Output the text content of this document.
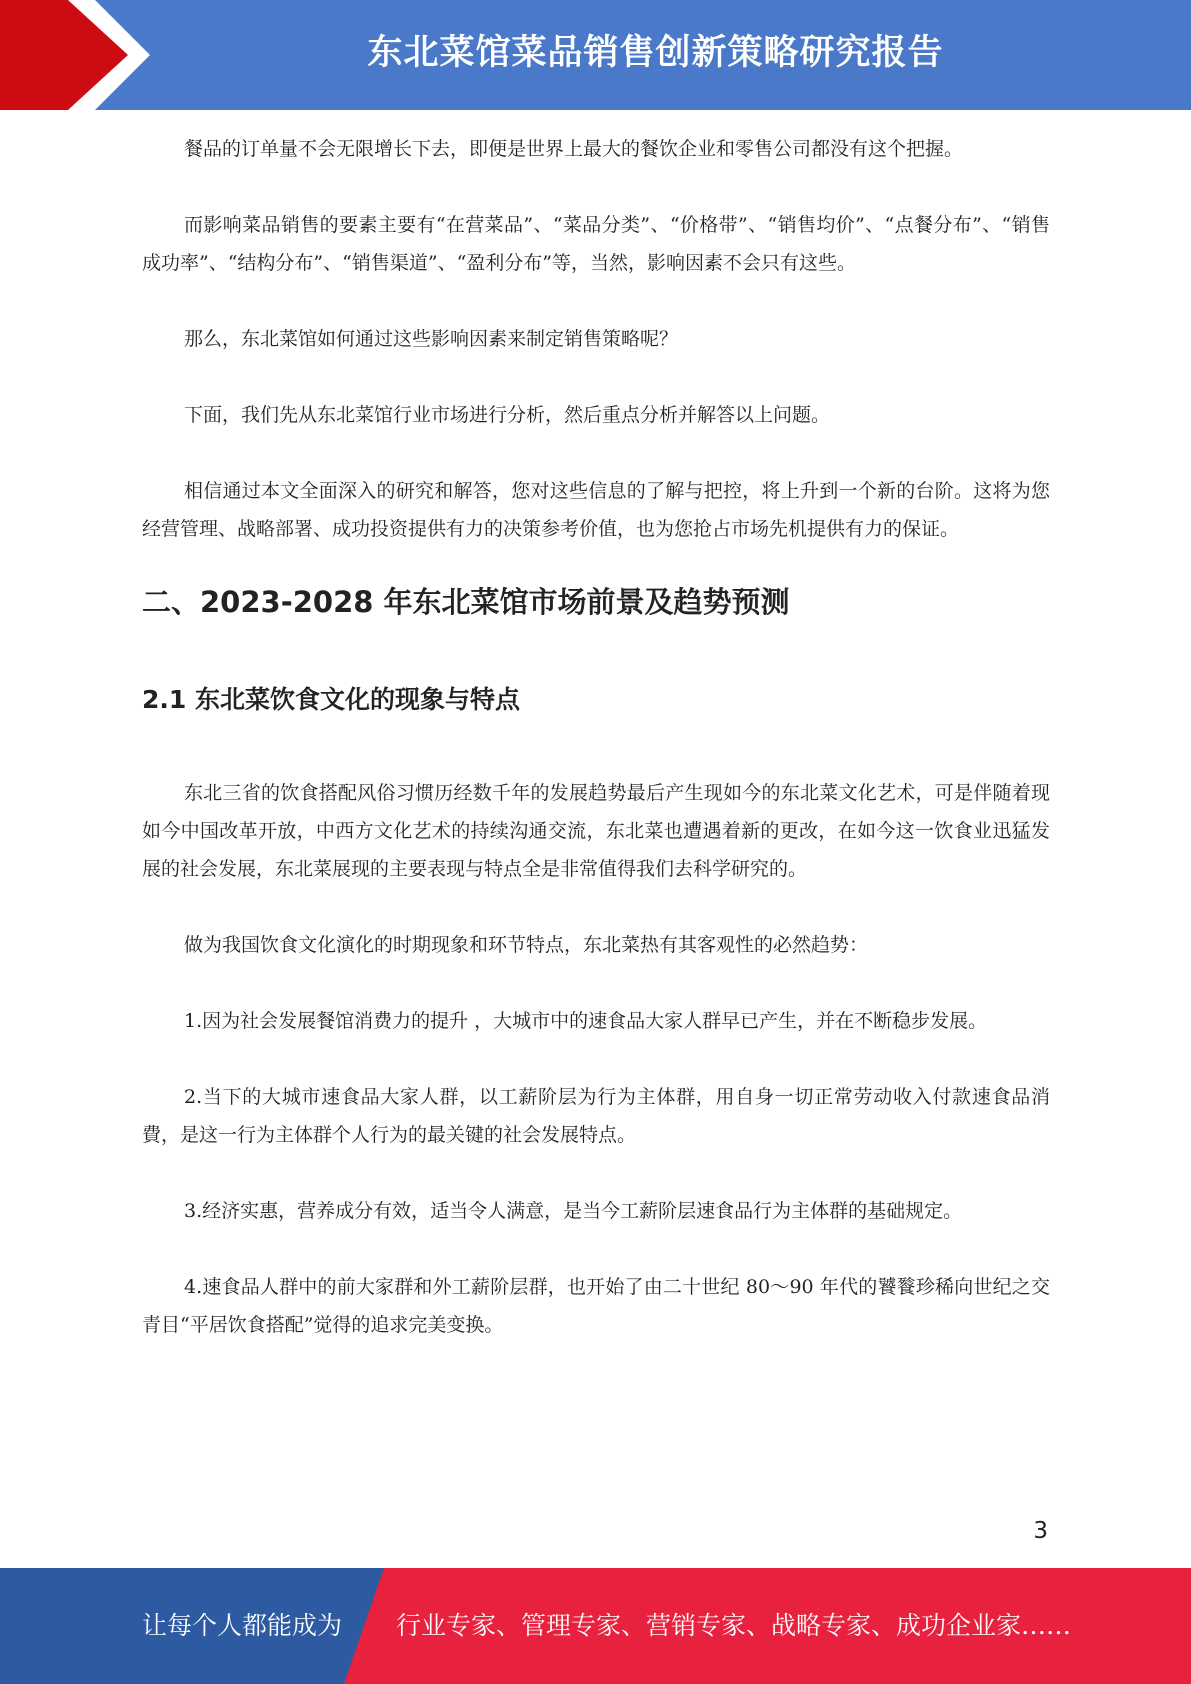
东北菜馆菜品销售创新策略研究报告

餐品的订单量不会无限增长下去，即便是世界上最大的餐饮企业和零售公司都没有这个把握。

而影响菜品销售的要素主要有“在营菜品”、“菜品分类”、“价格带”、“销售均价”、“点餐分布”、“销售成功率”、“结构分布”、“销售渠道”、“盈利分布”等，当然，影响因素不会只有这些。

那么，东北菜馆如何通过这些影响因素来制定销售策略呢？

下面，我们先从东北菜馆行业市场进行分析，然后重点分析并解答以上问题。

相信通过本文全面深入的研究和解答，您对这些信息的了解与把控，将上升到一个新的台阶。这将为您经营管理、战略部署、成功投资提供有力的决策参考价值，也为您抢占市场先机提供有力的保证。

二、2023-2028 年东北菜馆市场前景及趋势预测
2.1 东北菜饮食文化的现象与特点

东北三省的饮食搭配风俗习惯历经数千年的发展趋势最后产生现如今的东北菜文化艺术，可是伴随着现如今中国改革开放，中西方文化艺术的持续沟通交流，东北菜也遭遇着新的更改，在如今这一饮食业迅猛发展的社会发展，东北菜展现的主要表现与特点全是非常值得我们去科学研究的。

做为我国饮食文化演化的时期现象和环节特点，东北菜热有其客观性的必然趋势：

1.因为社会发展餐馆消费力的提升 ，大城市中的速食品大家人群早已产生，并在不断稳步发展。

2.当下的大城市速食品大家人群，以工薪阶层为行为主体群，用自身一切正常劳动收入付款速食品消費，是这一行为主体群个人行为的最关键的社会发展特点。

3.经济实惠，营养成分有效，适当令人满意，是当今工薪阶层速食品行为主体群的基础规定。

4.速食品人群中的前大家群和外工薪阶层群，也开始了由二十世纪 80～90 年代的饕餮珍稀向世纪之交青目“平居饮食搭配”觉得的追求完美变换。

3
让每个人都能成为 行业专家、管理专家、营销专家、战略专家、成功企业家……
